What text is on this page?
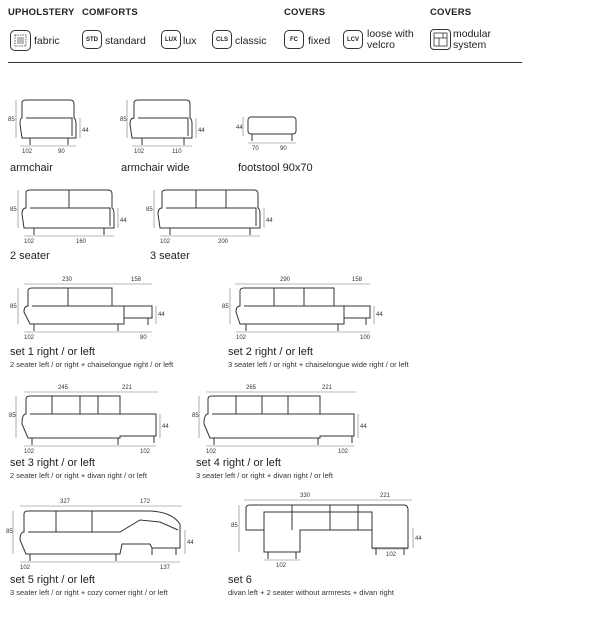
UPHOLSTERY COMFORTS	COVERS	COVERS
fabric	STD standard	LUX lux	CLS classic	FC fixed	LCV loose with
velcro
modular
system
85
44
102	90
85
44
102	110
44
70	90
85
44
102	160
85
44
102	200
230	158
85
44
102	80
290	158
85
44
102	100
245	221
85
44
102	102
265	221
85
44
102	102
327	172
85
44
102	137
330	221
85
44
102
102
armchair	armchair wide	footstool 90x70
2 seater	3 seater
set 1 right / or left
2 seater left / or right + chaiselongue right / or left
set 2 right / or left
3 seater left / or right + chaiselongue wide right / or left
set 3 right / or left
2 seater left / or right + divan right / or left
set 4 right / or left
3 seater left / or right + divan right / or left
set 5 right / or left
3 seater left / or right + cozy corner right / or left
set 6
divan left + 2 seater without armrests + divan right
